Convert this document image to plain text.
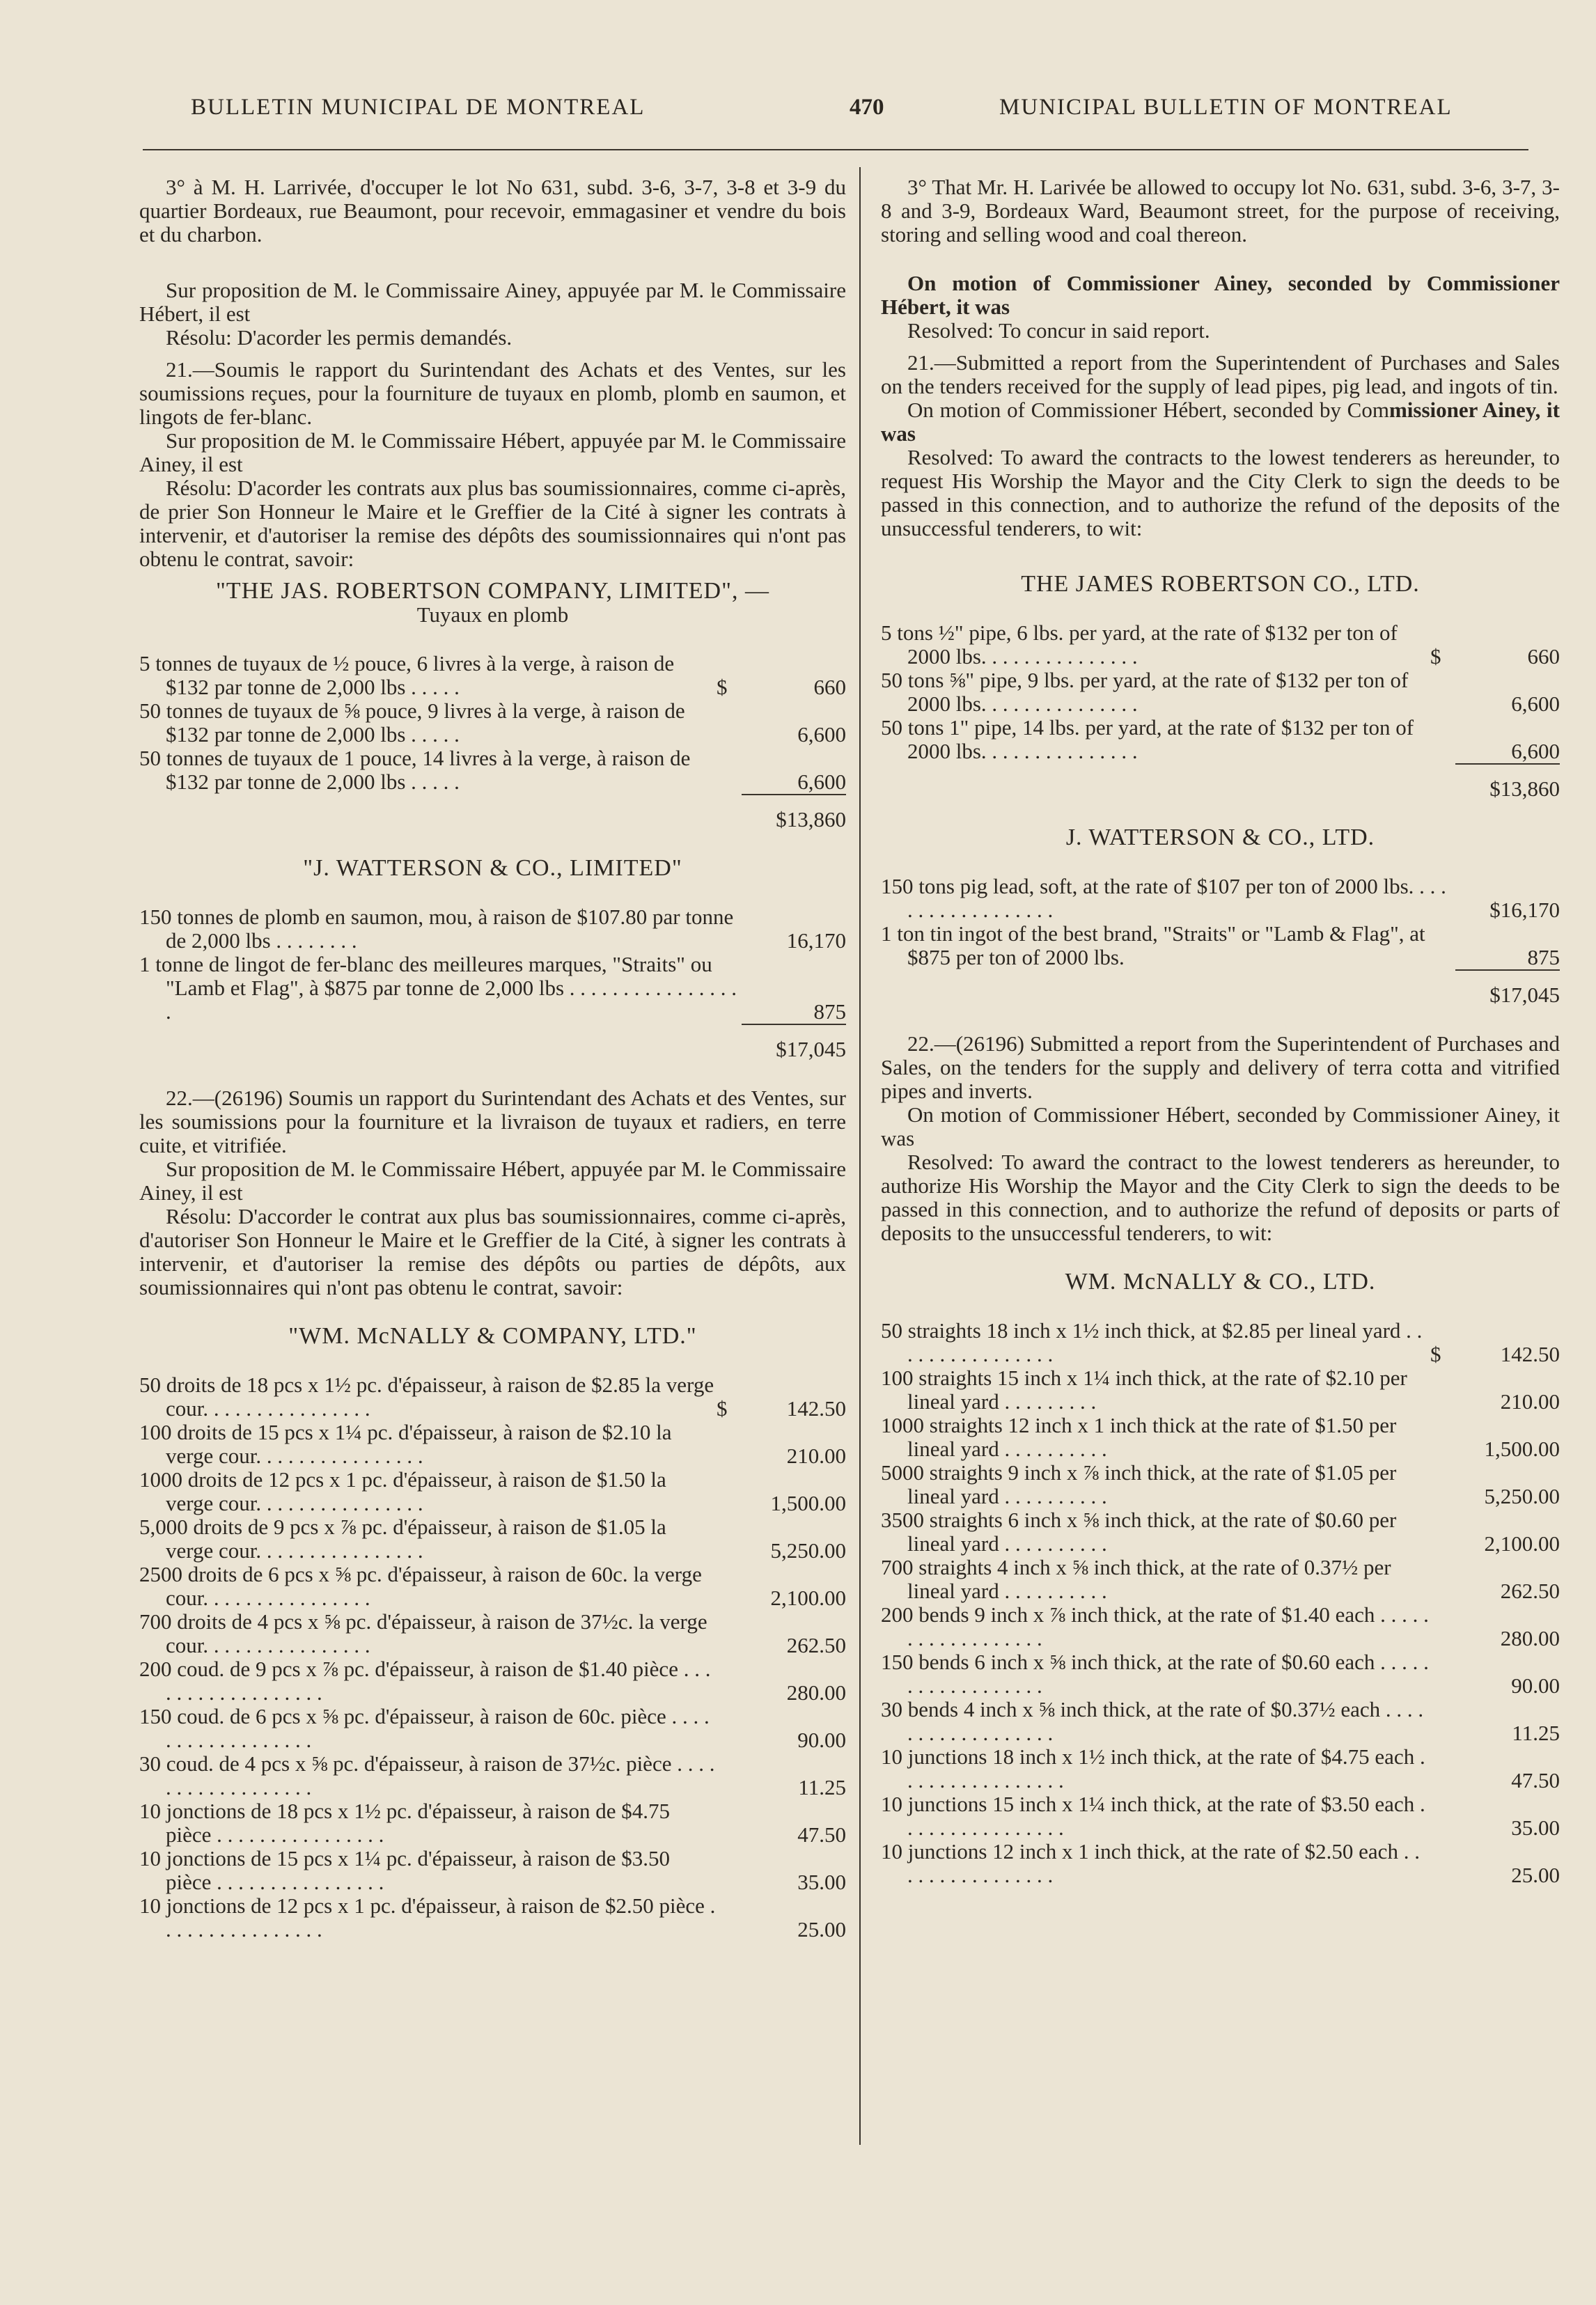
BULLETIN MUNICIPAL DE MONTREAL	470	MUNICIPAL BULLETIN OF MONTREAL

3° à M. H. Larrivée, d'occuper le lot No 631, subd. 3-6, 3-7, 3-8 et 3-9 du quartier Bordeaux, rue Beaumont, pour recevoir, emmagasiner et vendre du bois et du charbon.

Sur proposition de M. le Commissaire Ainey, appuyée par M. le Commissaire Hébert, il est

Résolu: D'acorder les permis demandés.

21.—Soumis le rapport du Surintendant des Achats et des Ventes, sur les soumissions reçues, pour la fourniture de tuyaux en plomb, plomb en saumon, et lingots de fer-blanc.

Sur proposition de M. le Commissaire Hébert, appuyée par M. le Commissaire Ainey, il est

Résolu: D'acorder les contrats aux plus bas soumissionnaires, comme ci-après, de prier Son Honneur le Maire et le Greffier de la Cité à signer les contrats à intervenir, et d'autoriser la remise des dépôts des soumissionnaires qui n'ont pas obtenu le contrat, savoir:

"THE JAS. ROBERTSON COMPANY, LIMITED", —

Tuyaux en plomb

5 tonnes de tuyaux de ½ pouce, 6 livres à la verge, à raison de $132 par tonne de 2,000 lbs . . . . .	$	660
50 tonnes de tuyaux de ⅝ pouce, 9 livres à la verge, à raison de $132 par tonne de 2,000 lbs . . . . .	6,600
50 tonnes de tuyaux de 1 pouce, 14 livres à la verge, à raison de $132 par tonne de 2,000 lbs . . . . .	6,600
$13,860

"J. WATTERSON & CO., LIMITED"

150 tonnes de plomb en saumon, mou, à raison de $107.80 par tonne de 2,000 lbs . . . . . . . .	16,170
1 tonne de lingot de fer-blanc des meilleures marques, "Straits" ou "Lamb et Flag", à $875 par tonne de 2,000 lbs . . . . . . . . . . . . . . . . .	875
$17,045

22.—(26196) Soumis un rapport du Surintendant des Achats et des Ventes, sur les soumissions pour la fourniture et la livraison de tuyaux et radiers, en terre cuite, et vitrifiée.

Sur proposition de M. le Commissaire Hébert, appuyée par M. le Commissaire Ainey, il est

Résolu: D'accorder le contrat aux plus bas soumissionnaires, comme ci-après, d'autoriser Son Honneur le Maire et le Greffier de la Cité, à signer les contrats à intervenir, et d'autoriser la remise des dépôts ou parties de dépôts, aux soumissionnaires qui n'ont pas obtenu le contrat, savoir:

"WM. McNALLY & COMPANY, LTD."

50 droits de 18 pcs x 1½ pc. d'épaisseur, à raison de $2.85 la verge cour. . . . . . . . . . . . . . . .	$	142.50
100 droits de 15 pcs x 1¼ pc. d'épaisseur, à raison de $2.10 la verge cour. . . . . . . . . . . . . . . .	210.00
1000 droits de 12 pcs x 1 pc. d'épaisseur, à raison de $1.50 la verge cour. . . . . . . . . . . . . . . .	1,500.00
5,000 droits de 9 pcs x ⅞ pc. d'épaisseur, à raison de $1.05 la verge cour. . . . . . . . . . . . . . . .	5,250.00
2500 droits de 6 pcs x ⅝ pc. d'épaisseur, à raison de 60c. la verge cour. . . . . . . . . . . . . . . .	2,100.00
700 droits de 4 pcs x ⅝ pc. d'épaisseur, à raison de 37½c. la verge cour. . . . . . . . . . . . . . . .	262.50
200 coud. de 9 pcs x ⅞ pc. d'épaisseur, à raison de $1.40 pièce . . . . . . . . . . . . . . . . . .	280.00
150 coud. de 6 pcs x ⅝ pc. d'épaisseur, à raison de 60c. pièce . . . . . . . . . . . . . . . . . .	90.00
30 coud. de 4 pcs x ⅝ pc. d'épaisseur, à raison de 37½c. pièce . . . . . . . . . . . . . . . . . .	11.25
10 jonctions de 18 pcs x 1½ pc. d'épaisseur, à raison de $4.75 pièce . . . . . . . . . . . . . . . .	47.50
10 jonctions de 15 pcs x 1¼ pc. d'épaisseur, à raison de $3.50 pièce . . . . . . . . . . . . . . . .	35.00
10 jonctions de 12 pcs x 1 pc. d'épaisseur, à raison de $2.50 pièce . . . . . . . . . . . . . . . .	25.00

3° That Mr. H. Larivée be allowed to occupy lot No. 631, subd. 3-6, 3-7, 3-8 and 3-9, Bordeaux Ward, Beaumont street, for the purpose of receiving, storing and selling wood and coal thereon.

On motion of Commissioner Ainey, seconded by Commissioner Hébert, it was

Resolved: To concur in said report.

21.—Submitted a report from the Superintendent of Purchases and Sales on the tenders received for the supply of lead pipes, pig lead, and ingots of tin.

On motion of Commissioner Hébert, seconded by Commissioner Ainey, it was

Resolved: To award the contracts to the lowest tenderers as hereunder, to request His Worship the Mayor and the City Clerk to sign the deeds to be passed in this connection, and to authorize the refund of the deposits of the unsuccessful tenderers, to wit:

THE JAMES ROBERTSON CO., LTD.

5 tons ½" pipe, 6 lbs. per yard, at the rate of $132 per ton of 2000 lbs. . . . . . . . . . . . . . .	$	660
50 tons ⅝" pipe, 9 lbs. per yard, at the rate of $132 per ton of 2000 lbs. . . . . . . . . . . . . . .	6,600
50 tons 1" pipe, 14 lbs. per yard, at the rate of $132 per ton of 2000 lbs. . . . . . . . . . . . . . .	6,600
$13,860

J. WATTERSON & CO., LTD.

150 tons pig lead, soft, at the rate of $107 per ton of 2000 lbs. . . . . . . . . . . . . . . . . .	$16,170
1 ton tin ingot of the best brand, "Straits" or "Lamb & Flag", at $875 per ton of 2000 lbs.	875
$17,045

22.—(26196) Submitted a report from the Superintendent of Purchases and Sales, on the tenders for the supply and delivery of terra cotta and vitrified pipes and inverts.

On motion of Commissioner Hébert, seconded by Commissioner Ainey, it was

Resolved: To award the contract to the lowest tenderers as hereunder, to authorize His Worship the Mayor and the City Clerk to sign the deeds to be passed in this connection, and to authorize the refund of deposits or parts of deposits to the unsuccessful tenderers, to wit:

WM. McNALLY & CO., LTD.

50 straights 18 inch x 1½ inch thick, at $2.85 per lineal yard . . . . . . . . . . . . . . . .	$	142.50
100 straights 15 inch x 1¼ inch thick, at the rate of $2.10 per lineal yard . . . . . . . . .	210.00
1000 straights 12 inch x 1 inch thick at the rate of $1.50 per lineal yard . . . . . . . . . .	1,500.00
5000 straights 9 inch x ⅞ inch thick, at the rate of $1.05 per lineal yard . . . . . . . . . .	5,250.00
3500 straights 6 inch x ⅝ inch thick, at the rate of $0.60 per lineal yard . . . . . . . . . .	2,100.00
700 straights 4 inch x ⅝ inch thick, at the rate of 0.37½ per lineal yard . . . . . . . . . .	262.50
200 bends 9 inch x ⅞ inch thick, at the rate of $1.40 each . . . . . . . . . . . . . . . . . .	280.00
150 bends 6 inch x ⅝ inch thick, at the rate of $0.60 each . . . . . . . . . . . . . . . . . .	90.00
30 bends 4 inch x ⅝ inch thick, at the rate of $0.37½ each . . . . . . . . . . . . . . . . . .	11.25
10 junctions 18 inch x 1½ inch thick, at the rate of $4.75 each . . . . . . . . . . . . . . . .	47.50
10 junctions 15 inch x 1¼ inch thick, at the rate of $3.50 each . . . . . . . . . . . . . . . .	35.00
10 junctions 12 inch x 1 inch thick, at the rate of $2.50 each . . . . . . . . . . . . . . . .	25.00
